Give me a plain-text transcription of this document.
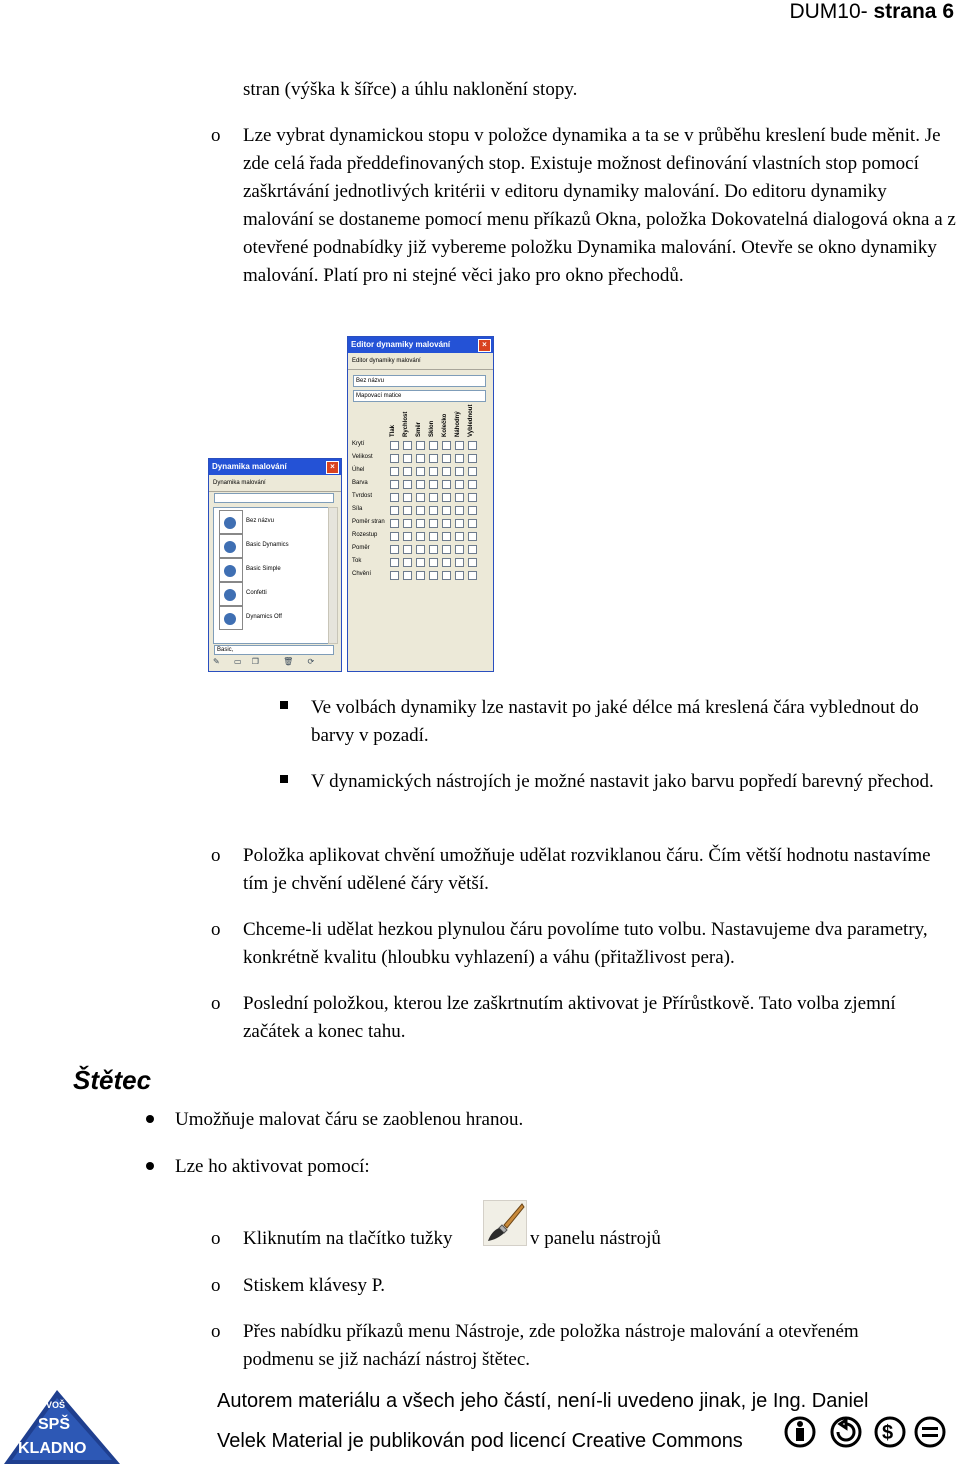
DUM10- strana 6

stran (výška k šířce) a úhlu naklonění stopy.

o Lze vybrat dynamickou stopu v položce dynamika a ta se v průběhu kreslení bude měnit. Je zde celá řada předdefinovaných stop. Existuje možnost definování vlastních stop pomocí zaškrtávání jednotlivých kritérii v editoru dynamiky malování. Do editoru dynamiky malování se dostaneme pomocí menu příkazů Okna, položka Dokovatelná dialogová okna a z otevřené podnabídky již vybereme položku Dynamika malování. Otevře se okno dynamiky malování. Platí pro ni stejné věci jako pro okno přechodů.

Editor dynamiky malování	×
Editor dynamiky malování
Bez názvu
Mapovací matice
Tlak Rychlost Směr Sklon Kolečko Náhodný Vyblednout
Krytí
Velikost
Úhel
Barva
Tvrdost
Síla
Poměr stran
Rozestup
Poměr
Tok
Chvění
Dynamika malování	×
Dynamika malování
Bez názvu
Basic Dynamics
Basic Simple
Confetti
Dynamics Off
Basic,
✎ ▭ ❐	🗑 ⟳

Ve volbách dynamiky lze nastavit po jaké délce má kreslená čára vyblednout do barvy v pozadí.

V dynamických nástrojích je možné nastavit jako barvu popředí barevný přechod.

o Položka aplikovat chvění umožňuje udělat rozviklanou čáru. Čím větší hodnotu nastavíme tím je chvění udělené čáry větší.

o Chceme-li udělat hezkou plynulou čáru povolíme tuto volbu. Nastavujeme dva parametry, konkrétně kvalitu (hloubku vyhlazení) a váhu (přitažlivost pera).

o Poslední položkou, kterou lze zaškrtnutím aktivovat je Přírůstkově. Tato volba zjemní začátek a konec tahu.

Štětec

Umožňuje malovat čáru se zaoblenou hranou.

Lze ho aktivovat pomocí:

o Kliknutím na tlačítko tužky	v panelu nástrojů
o Stiskem klávesy P.

o Přes nabídku příkazů menu Nástroje, zde položka nástroje malování a otevřeném podmenu se již nachází nástroj štětec.

VOŠ
SPŠ
KLADNO
Autorem materiálu a všech jeho částí, není-li uvedeno jinak, je Ing. Daniel
Velek Material je publikován pod licencí Creative Commons	$
